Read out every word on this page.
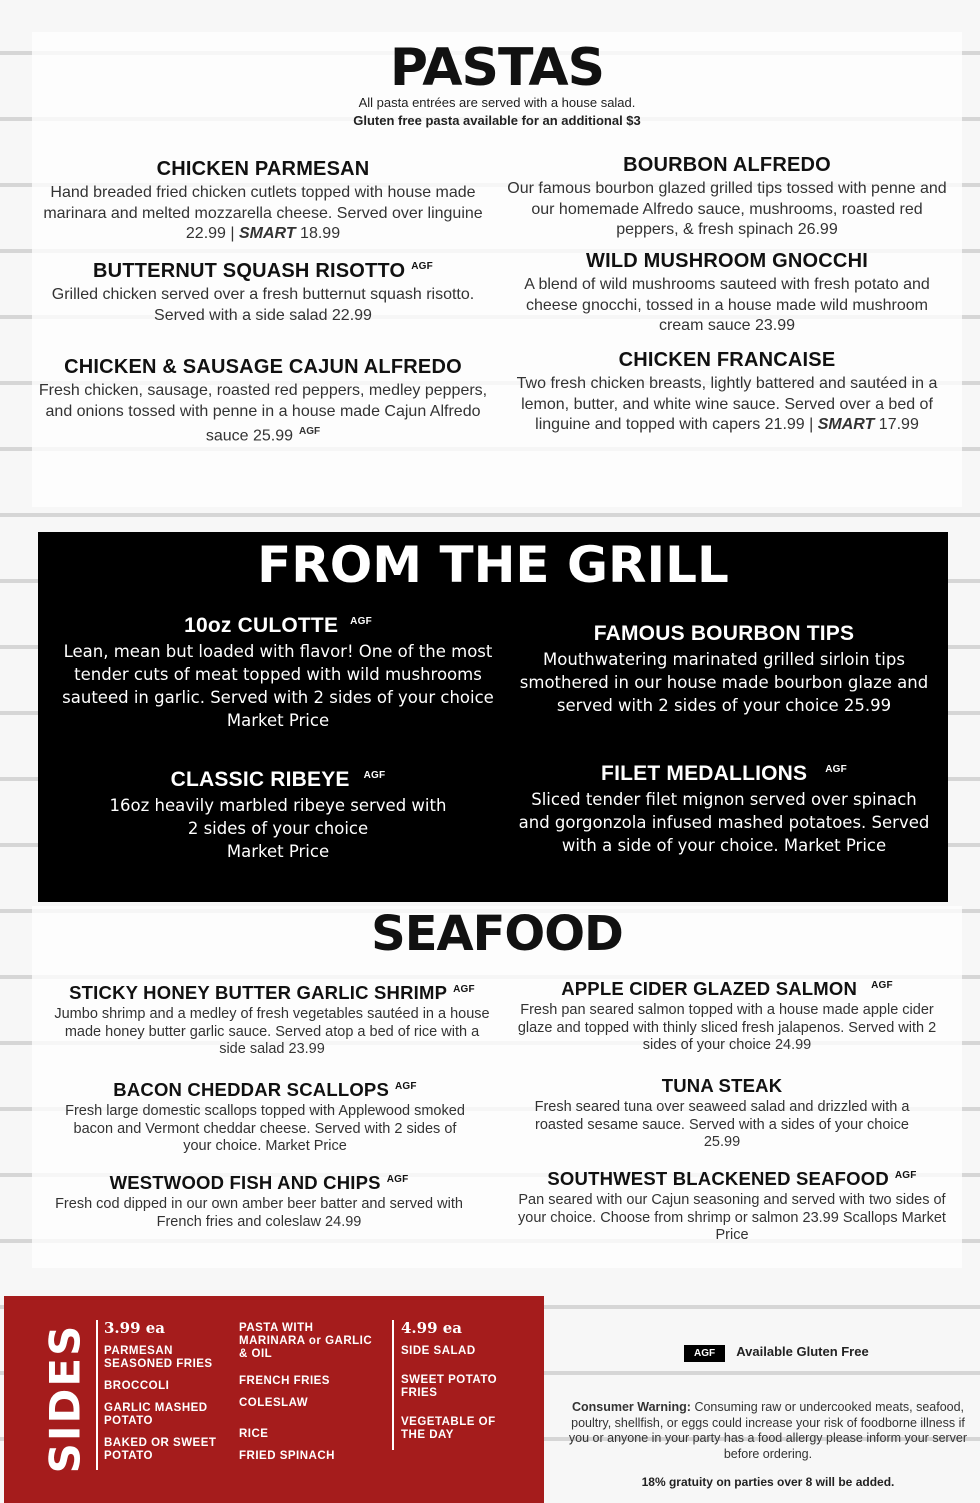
PASTAS
All pasta entrées are served with a house salad.
Gluten free pasta available for an additional $3
CHICKEN PARMESAN

Hand breaded fried chicken cutlets topped with house made marinara and melted mozzarella cheese. Served over linguine 22.99 | SMART 18.99

BOURBON ALFREDO

Our famous bourbon glazed grilled tips tossed with penne and our homemade Alfredo sauce, mushrooms, roasted red peppers, & fresh spinach 26.99

BUTTERNUT SQUASH RISOTTO $^{AGF}$

Grilled chicken served over a fresh butternut squash risotto. Served with a side salad 22.99

WILD MUSHROOM GNOCCHI

A blend of wild mushrooms sauteed with fresh potato and cheese gnocchi, tossed in a house made wild mushroom cream sauce 23.99

CHICKEN & SAUSAGE CAJUN ALFREDO

Fresh chicken, sausage, roasted red peppers, medley peppers, and onions tossed with penne in a house made Cajun Alfredo sauce 25.99 $^{AGF}$

CHICKEN FRANCAISE

Two fresh chicken breasts, lightly battered and sautéed in a lemon, butter, and white wine sauce. Served over a bed of linguine and topped with capers 21.99 | SMART 17.99

FROM THE GRILL
10oz CULOTTE $^{AGF}$

Lean, mean but loaded with flavor! One of the most tender cuts of meat topped with wild mushrooms sauteed in garlic. Served with 2 sides of your choice
Market Price

FAMOUS BOURBON TIPS

Mouthwatering marinated grilled sirloin tips smothered in our house made bourbon glaze and served with 2 sides of your choice 25.99

CLASSIC RIBEYE $^{AGF}$

16oz heavily marbled ribeye served with 2 sides of your choice
Market Price

FILET MEDALLIONS $^{AGF}$

Sliced tender filet mignon served over spinach and gorgonzola infused mashed potatoes. Served with a side of your choice. Market Price

SEAFOOD
STICKY HONEY BUTTER GARLIC SHRIMP $^{AGF}$

Jumbo shrimp and a medley of fresh vegetables sautéed in a house made honey butter garlic sauce. Served atop a bed of rice with a side salad 23.99

APPLE CIDER GLAZED SALMON $^{AGF}$

Fresh pan seared salmon topped with a house made apple cider glaze and topped with thinly sliced fresh jalapenos. Served with 2 sides of your choice 24.99

BACON CHEDDAR SCALLOPS $^{AGF}$

Fresh large domestic scallops topped with Applewood smoked bacon and Vermont cheddar cheese. Served with 2 sides of your choice. Market Price

TUNA STEAK

Fresh seared tuna over seaweed salad and drizzled with a roasted sesame sauce. Served with a sides of your choice 25.99

WESTWOOD FISH AND CHIPS $^{AGF}$

Fresh cod dipped in our own amber beer batter and served with French fries and coleslaw 24.99

SOUTHWEST BLACKENED SEAFOOD $^{AGF}$

Pan seared with our Cajun seasoning and served with two sides of your choice. Choose from shrimp or salmon 23.99 Scallops Market Price

SIDES 3.99 ea
PARMESAN SEASONED FRIES
BROCCOLI
GARLIC MASHED POTATO
BAKED OR SWEET POTATO
PASTA WITH MARINARA or GARLIC & OIL
FRENCH FRIES
COLESLAW
RICE
FRIED SPINACH
4.99 ea
SIDE SALAD
SWEET POTATO FRIES
VEGETABLE OF THE DAY
AGF Available Gluten Free
Consumer Warning: Consuming raw or undercooked meats, seafood, poultry, shellfish, or eggs could increase your risk of foodborne illness if you or anyone in your party has a food allergy please inform your server before ordering.
18% gratuity on parties over 8 will be added.
